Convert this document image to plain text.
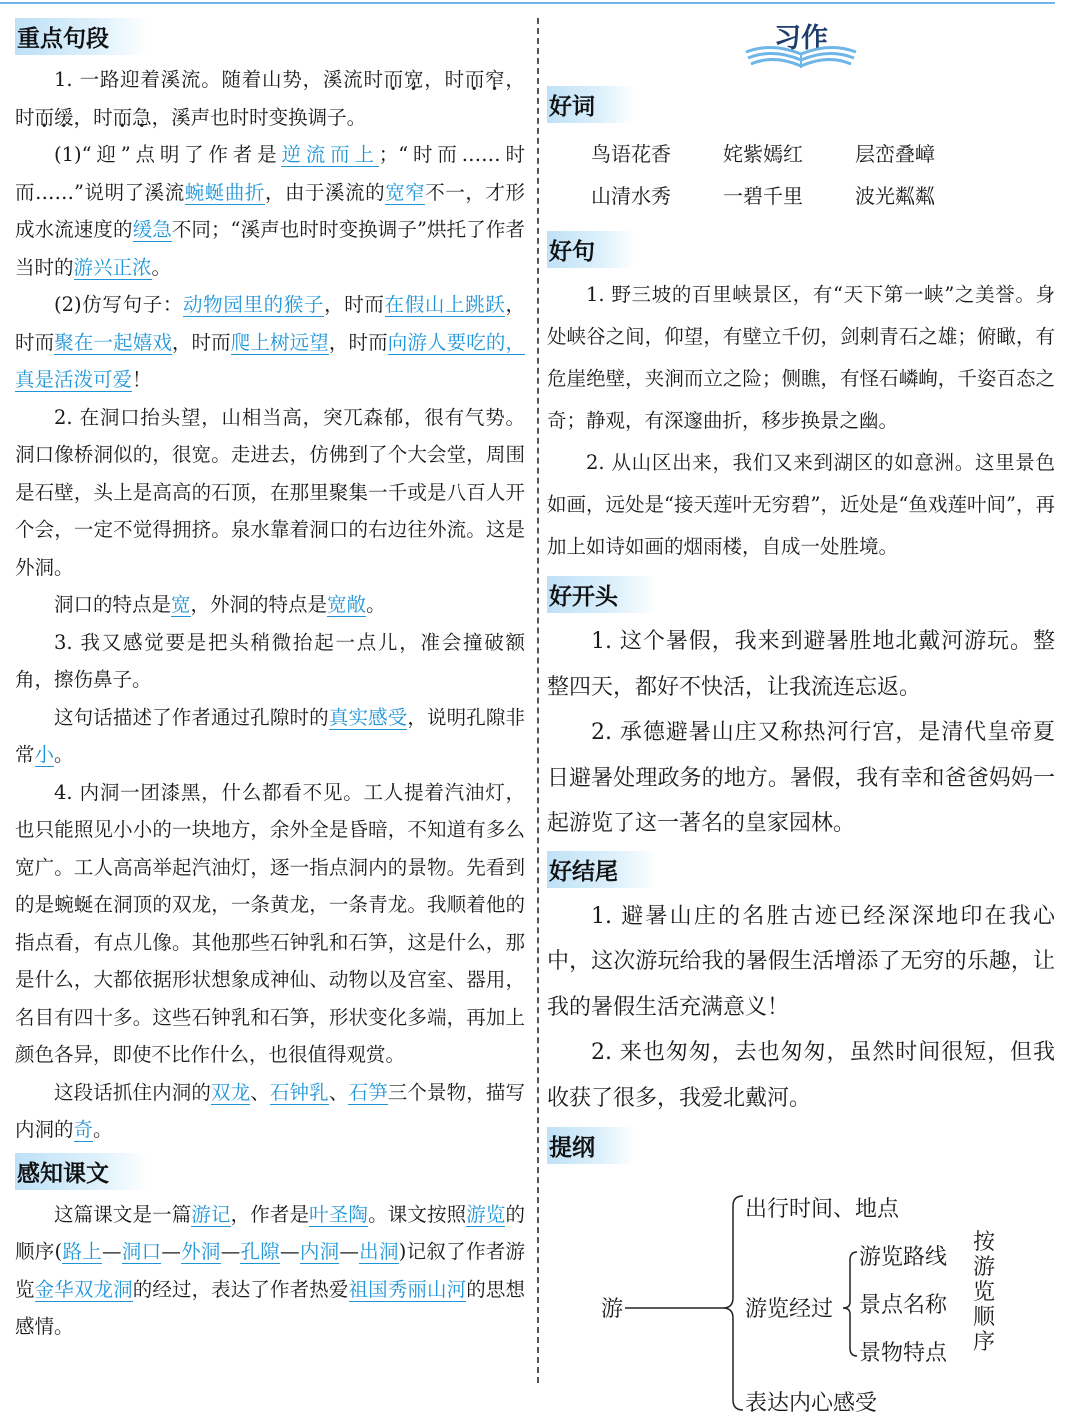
重点句段

1. 一路迎着溪流。随着山势，溪流时而宽，时而窄，时而缓，时而急，溪声也时时变换调子。

(1)“迎”点明了作者是逆流而上；“时而……时而……”说明了溪流蜿蜒曲折，由于溪流的宽窄不一，才形成水流速度的缓急不同；“溪声也时时变换调子”烘托了作者当时的游兴正浓。

(2)仿写句子：动物园里的猴子，时而在假山上跳跃，时而聚在一起嬉戏，时而爬上树远望，时而向游人要吃的，真是活泼可爱！

2. 在洞口抬头望，山相当高，突兀森郁，很有气势。洞口像桥洞似的，很宽。走进去，仿佛到了个大会堂，周围是石壁，头上是高高的石顶，在那里聚集一千或是八百人开个会，一定不觉得拥挤。泉水靠着洞口的右边往外流。这是外洞。

洞口的特点是宽，外洞的特点是宽敞。

3. 我又感觉要是把头稍微抬起一点儿，准会撞破额角，擦伤鼻子。

这句话描述了作者通过孔隙时的真实感受，说明孔隙非常小。

4. 内洞一团漆黑，什么都看不见。工人提着汽油灯，也只能照见小小的一块地方，余外全是昏暗，不知道有多么宽广。工人高高举起汽油灯，逐一指点洞内的景物。先看到的是蜿蜒在洞顶的双龙，一条黄龙，一条青龙。我顺着他的指点看，有点儿像。其他那些石钟乳和石笋，这是什么，那是什么，大都依据形状想象成神仙、动物以及宫室、器用，名目有四十多。这些石钟乳和石笋，形状变化多端，再加上颜色各异，即使不比作什么，也很值得观赏。

这段话抓住内洞的双龙、石钟乳、石笋三个景物，描写内洞的奇。

感知课文

这篇课文是一篇游记，作者是叶圣陶。课文按照游览的顺序(路上—洞口—外洞—孔隙—内洞—出洞)记叙了作者游览金华双龙洞的经过，表达了作者热爱祖国秀丽山河的思想感情。

习作
好词
鸟语花香	姹紫嫣红	层峦叠嶂
山清水秀	一碧千里	波光粼粼
好句

1. 野三坡的百里峡景区，有“天下第一峡”之美誉。身处峡谷之间，仰望，有壁立千仞，剑刺青石之雄；俯瞰，有危崖绝壁，夹涧而立之险；侧瞧，有怪石嶙峋，千姿百态之奇；静观，有深邃曲折，移步换景之幽。

2. 从山区出来，我们又来到湖区的如意洲。这里景色如画，远处是“接天莲叶无穷碧”，近处是“鱼戏莲叶间”，再加上如诗如画的烟雨楼，自成一处胜境。

好开头

1. 这个暑假，我来到避暑胜地北戴河游玩。整整四天，都好不快活，让我流连忘返。

2. 承德避暑山庄又称热河行宫，是清代皇帝夏日避暑处理政务的地方。暑假，我有幸和爸爸妈妈一起游览了这一著名的皇家园林。

好结尾

1. 避暑山庄的名胜古迹已经深深地印在我心中，这次游玩给我的暑假生活增添了无穷的乐趣，让我的暑假生活充满意义！

2. 来也匆匆，去也匆匆，虽然时间很短，但我收获了很多，我爱北戴河。

提纲
游
出行时间、地点
游览经过
游览路线
景点名称
景物特点
按游览顺序
表达内心感受
